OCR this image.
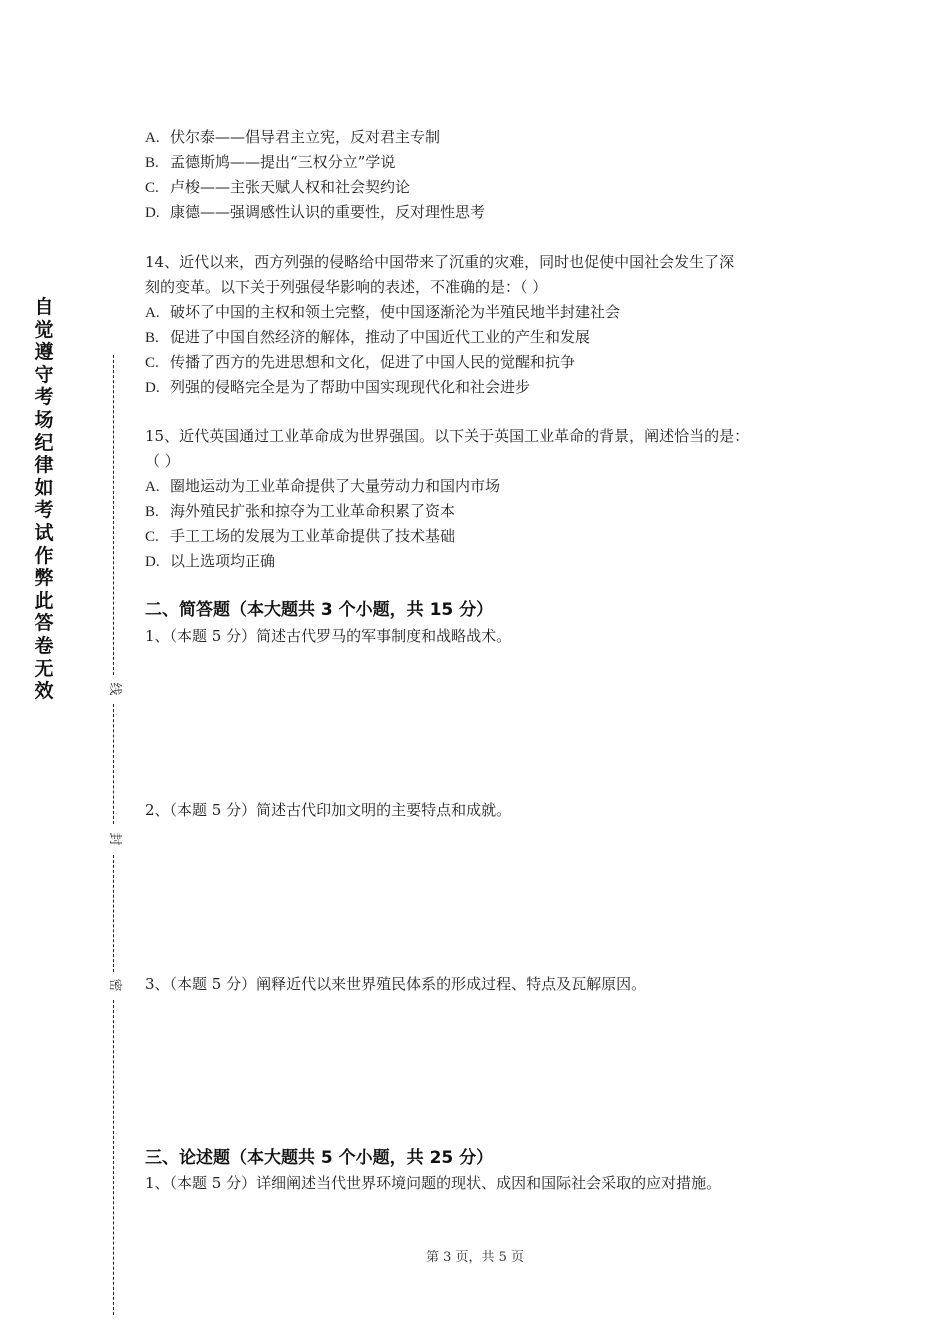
自
觉
遵
守
考
场
纪
律
如
考
试
作
弊
此
答
卷
无
效	线
封
密
A. 伏尔泰——倡导君主立宪，反对君主专制
B. 孟德斯鸠——提出“三权分立”学说
C. 卢梭——主张天赋人权和社会契约论
D. 康德——强调感性认识的重要性，反对理性思考
14、近代以来，西方列强的侵略给中国带来了沉重的灾难，同时也促使中国社会发生了深
刻的变革。以下关于列强侵华影响的表述，不准确的是：（ ）
A. 破坏了中国的主权和领土完整，使中国逐渐沦为半殖民地半封建社会
B. 促进了中国自然经济的解体，推动了中国近代工业的产生和发展
C. 传播了西方的先进思想和文化，促进了中国人民的觉醒和抗争
D. 列强的侵略完全是为了帮助中国实现现代化和社会进步
15、近代英国通过工业革命成为世界强国。以下关于英国工业革命的背景，阐述恰当的是：
（ ）
A. 圈地运动为工业革命提供了大量劳动力和国内市场
B. 海外殖民扩张和掠夺为工业革命积累了资本
C. 手工工场的发展为工业革命提供了技术基础
D. 以上选项均正确
二、简答题（本大题共 3 个小题，共 15 分）
1、（本题 5 分）简述古代罗马的军事制度和战略战术。
2、（本题 5 分）简述古代印加文明的主要特点和成就。
3、（本题 5 分）阐释近代以来世界殖民体系的形成过程、特点及瓦解原因。
三、论述题（本大题共 5 个小题，共 25 分）
1、（本题 5 分）详细阐述当代世界环境问题的现状、成因和国际社会采取的应对措施。
第 3 页，共 5 页
